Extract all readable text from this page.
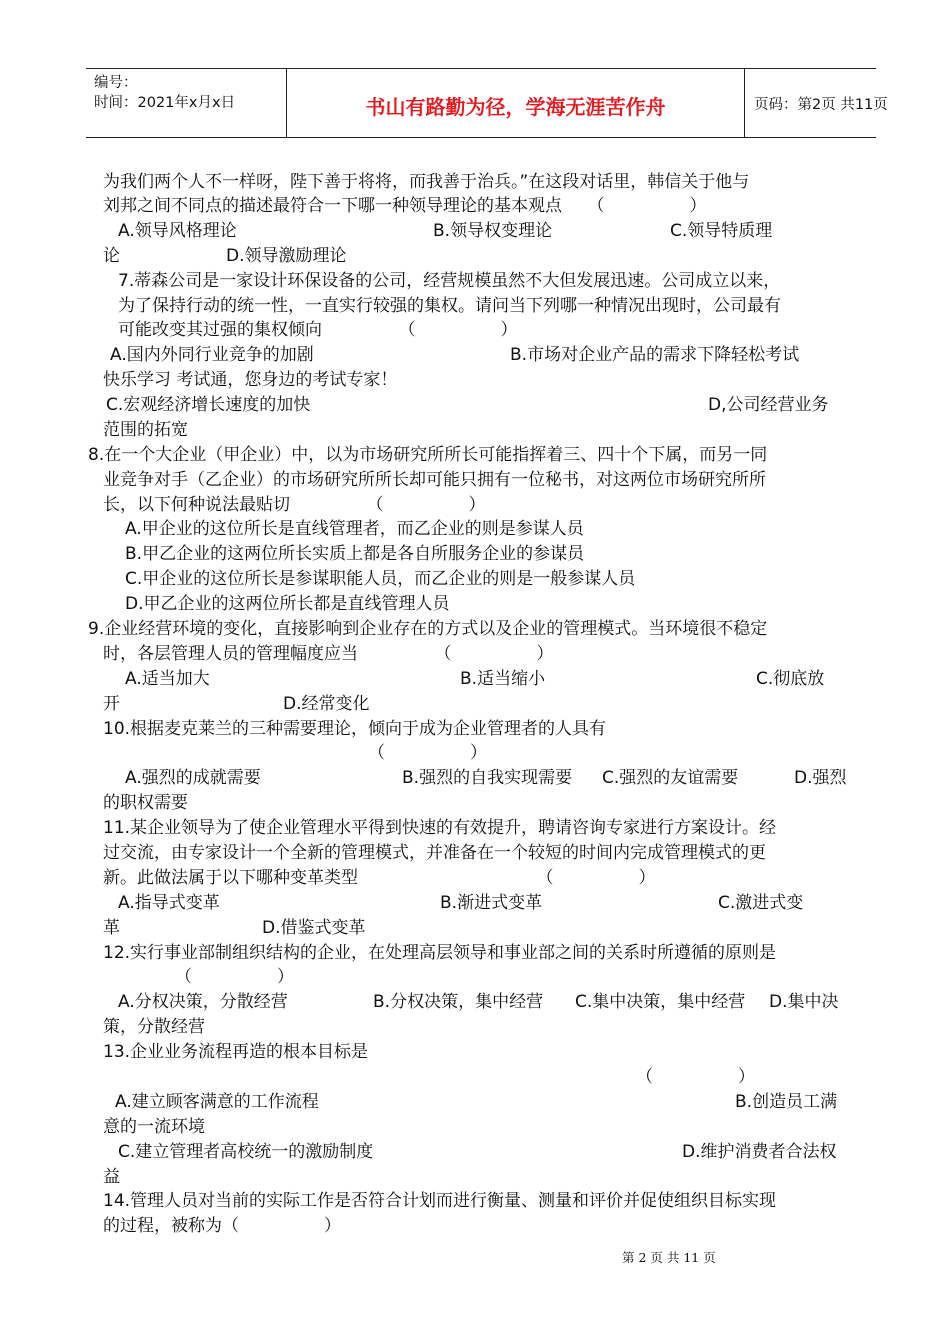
编号：
时间：2021年x月x日	书山有路勤为径，学海无涯苦作舟	页码：第2页 共11页
为我们两个人不一样呀，陛下善于将将，而我善于治兵。”在这段对话里，韩信关于他与
刘邦之间不同点的描述最符合一下哪一种领导理论的基本观点　　（　　　　　）
A.领导风格理论	B.领导权变理论	C.领导特质理
论	D.领导激励理论
7.蒂森公司是一家设计环保设备的公司，经营规模虽然不大但发展迅速。公司成立以来，
为了保持行动的统一性，一直实行较强的集权。请问当下列哪一种情况出现时，公司最有
可能改变其过强的集权倾向　　　　　（　　　　　）
A.国内外同行业竞争的加剧	B.市场对企业产品的需求下降轻松考试
快乐学习 考试通，您身边的考试专家！
C.宏观经济增长速度的加快	D,公司经营业务
范围的拓宽
8.在一个大企业（甲企业）中，以为市场研究所所长可能指挥着三、四十个下属，而另一同
业竞争对手（乙企业）的市场研究所所长却可能只拥有一位秘书，对这两位市场研究所所
长，以下何种说法最贴切　　　　　（　　　　　）
A.甲企业的这位所长是直线管理者，而乙企业的则是参谋人员
B.甲乙企业的这两位所长实质上都是各自所服务企业的参谋员
C.甲企业的这位所长是参谋职能人员，而乙企业的则是一般参谋人员
D.甲乙企业的这两位所长都是直线管理人员
9.企业经营环境的变化，直接影响到企业存在的方式以及企业的管理模式。当环境很不稳定
时，各层管理人员的管理幅度应当　　　　　（　　　　　）
A.适当加大	B.适当缩小	C.彻底放
开	D.经常变化
10.根据麦克莱兰的三种需要理论，倾向于成为企业管理者的人具有
（　　　　　）
A.强烈的成就需要	B.强烈的自我实现需要 C.强烈的友谊需要	D.强烈
的职权需要
11.某企业领导为了使企业管理水平得到快速的有效提升，聘请咨询专家进行方案设计。经
过交流，由专家设计一个全新的管理模式，并准备在一个较短的时间内完成管理模式的更
新。此做法属于以下哪种变革类型　　　　　　　　　　　（　　　　　）
A.指导式变革	B.渐进式变革	C.激进式变
革	D.借鉴式变革
12.实行事业部制组织结构的企业，在处理高层领导和事业部之间的关系时所遵循的原则是
（　　　　　）
A.分权决策，分散经营	B.分权决策，集中经营 C.集中决策，集中经营 D.集中决
策，分散经营
13.企业业务流程再造的根本目标是
（　　　　　）
A.建立顾客满意的工作流程	B.创造员工满
意的一流环境
C.建立管理者高校统一的激励制度	D.维护消费者合法权
益
14.管理人员对当前的实际工作是否符合计划而进行衡量、测量和评价并促使组织目标实现
的过程，被称为（　　　　　）
第 2 页 共 11 页
